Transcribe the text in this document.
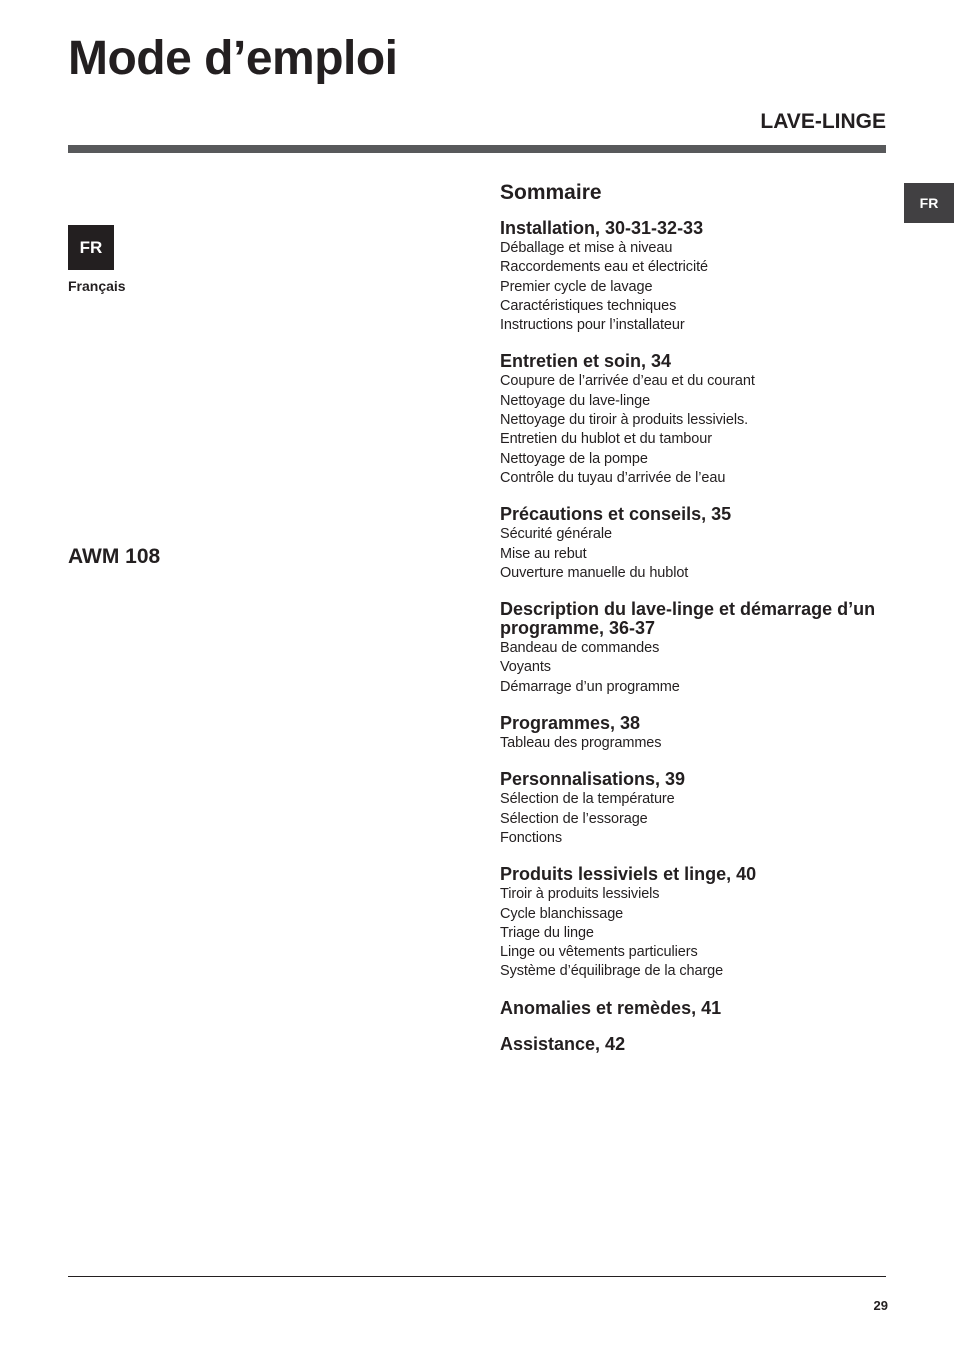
Mode d’emploi
LAVE-LINGE
FR
FR
Français
AWM 108
Sommaire
Installation, 30-31-32-33
Déballage et mise à niveau
Raccordements eau et électricité
Premier cycle de lavage
Caractéristiques techniques
Instructions pour l’installateur
Entretien et soin, 34
Coupure de l’arrivée d’eau et du courant
Nettoyage du lave-linge
Nettoyage du tiroir à produits lessiviels.
Entretien du hublot et du tambour
Nettoyage de la pompe
Contrôle du tuyau d’arrivée de l’eau
Précautions et conseils, 35
Sécurité générale
Mise au rebut
Ouverture manuelle du hublot
Description du lave-linge et démarrage d’un programme, 36-37
Bandeau de commandes
Voyants
Démarrage d’un programme
Programmes, 38
Tableau des programmes
Personnalisations, 39
Sélection de la température
Sélection de l’essorage
Fonctions
Produits lessiviels et linge, 40
Tiroir à produits lessiviels
Cycle blanchissage
Triage du linge
Linge ou vêtements particuliers
Système d’équilibrage de la charge
Anomalies et remèdes, 41
Assistance, 42
29
